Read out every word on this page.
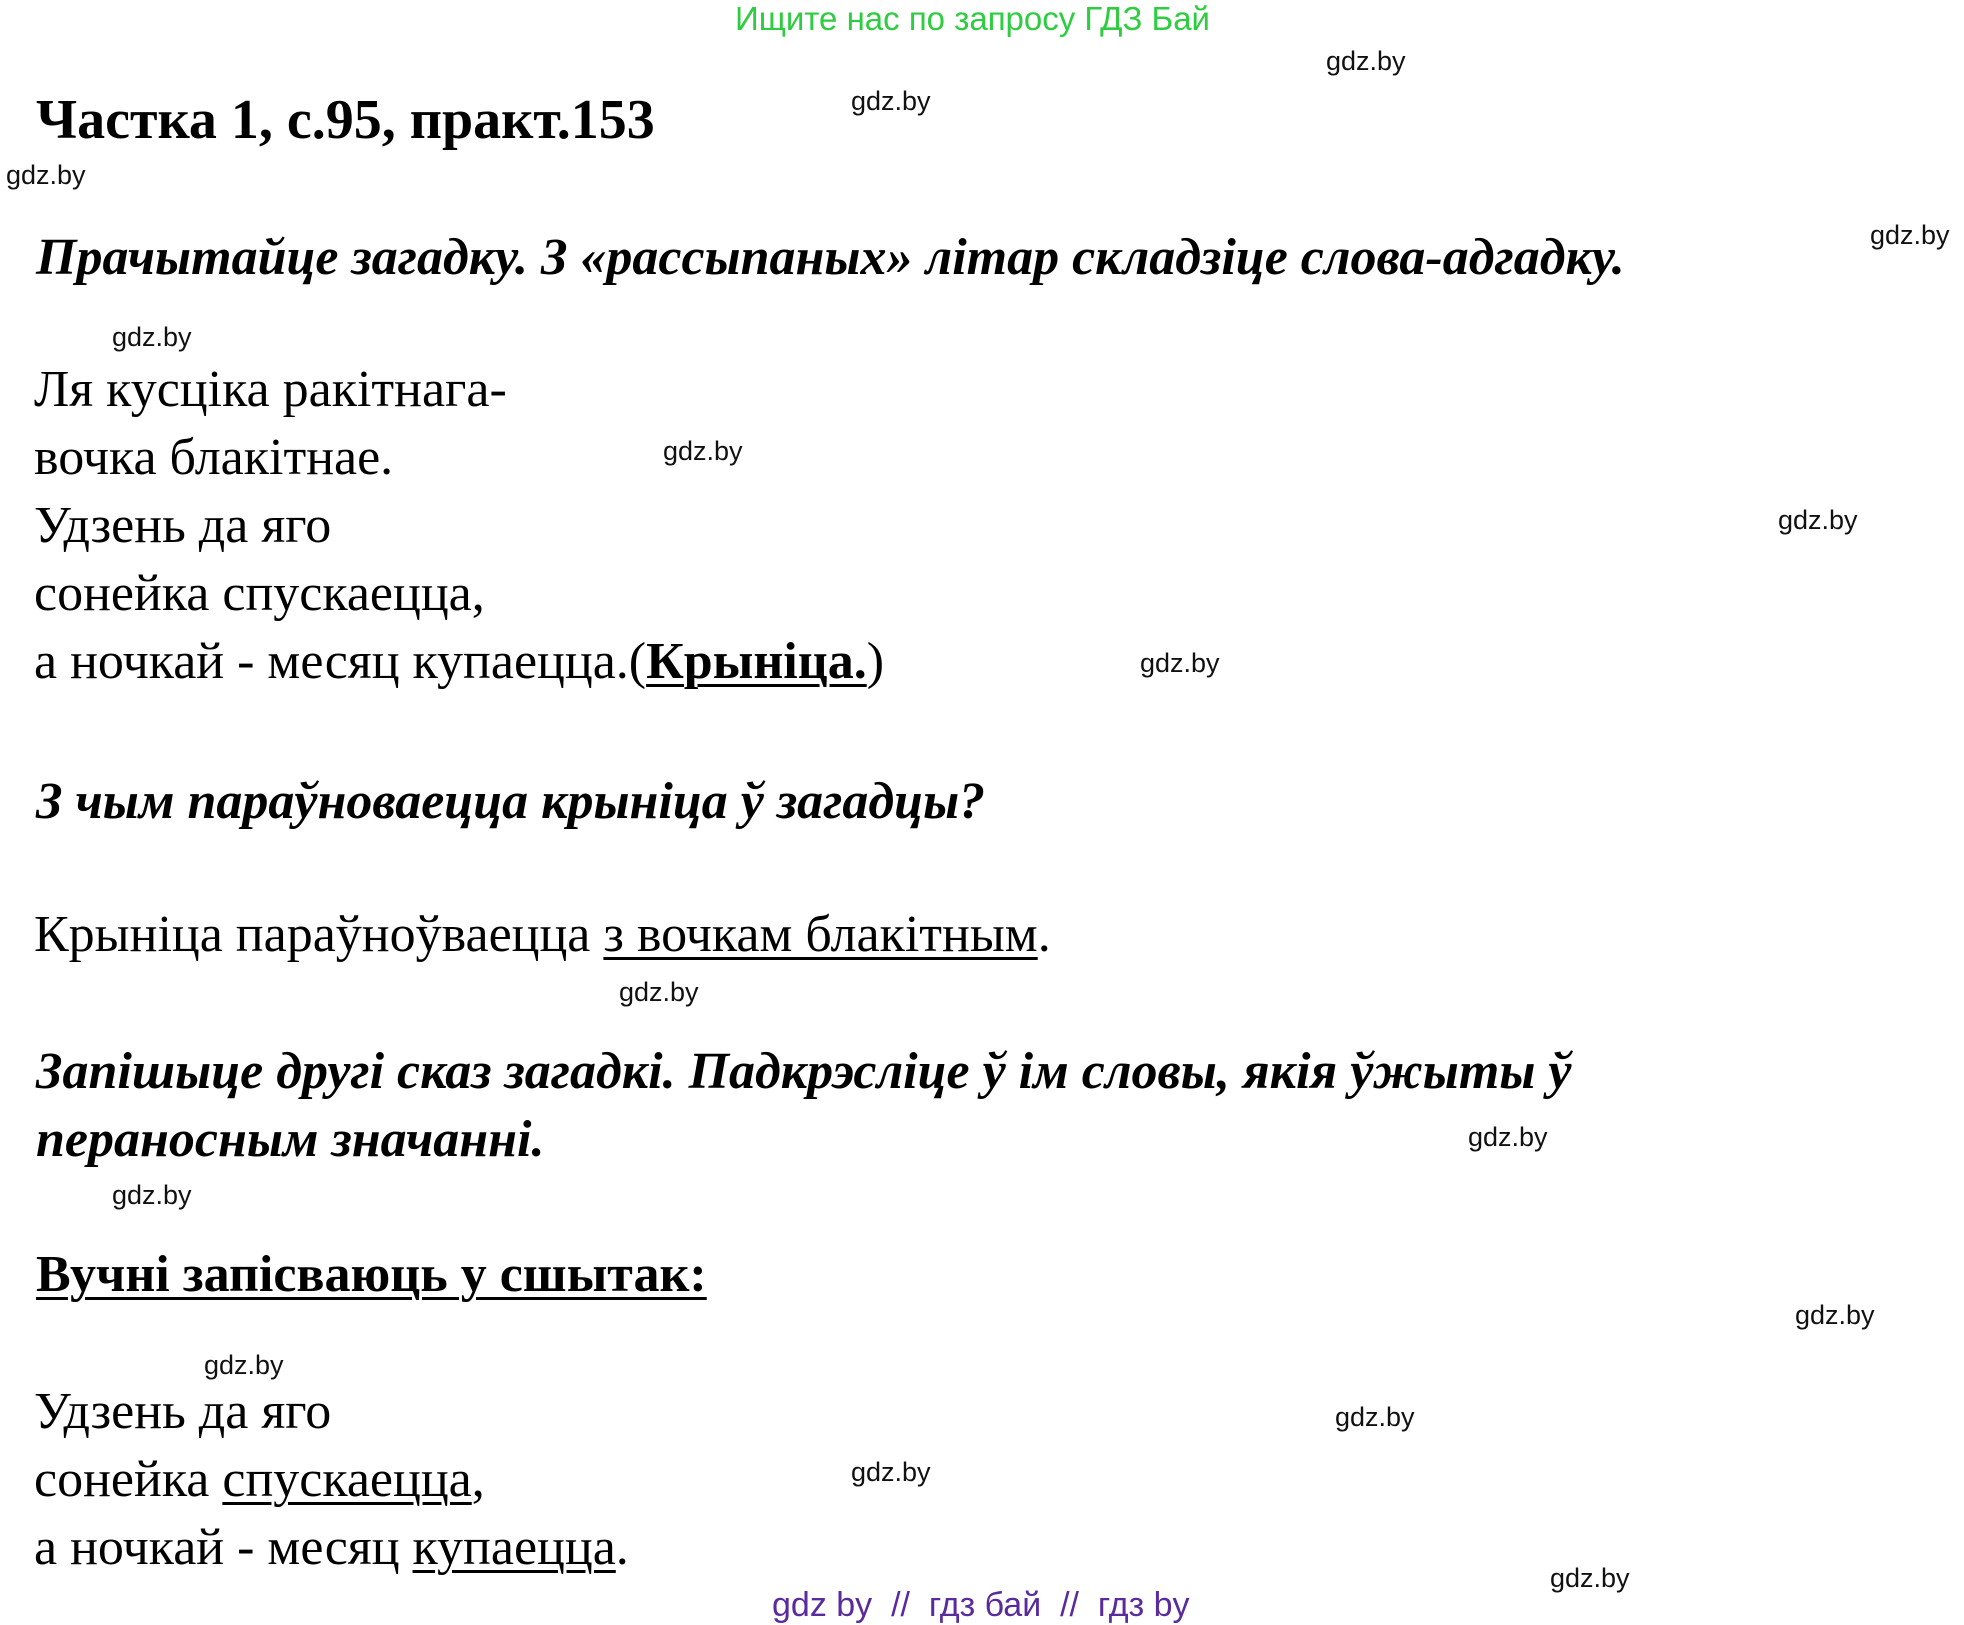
Ищите нас по запросу ГДЗ Бай
gdz.by
gdz.by
gdz.by
gdz.by
gdz.by
gdz.by
gdz.by
gdz.by
gdz.by
gdz.by
gdz.by
gdz.by
gdz.by
gdz.by
gdz.by
gdz.by
Частка 1, с.95, практ.153
Прачытайце загадку. З «рассыпаных» літар складзіце слова-адгадку.
Ля кусціка ракітнага-
вочка блакітнае.
Удзень да яго
сонейка спускаецца,
а ночкай - месяц купаецца.(Крыніца.)
З чым параўноваецца крыніца ў загадцы?
Крыніца параўноўваецца з вочкам блакітным.
Запішыце другі сказ загадкі. Падкрэсліце ў ім словы, якія ўжыты ў
пераносным значанні.
Вучні запісваюць у сшытак:
Удзень да яго
сонейка спускаецца,
а ночкай - месяц купаецца.
gdz by  //  гдз бай  //  гдз by
